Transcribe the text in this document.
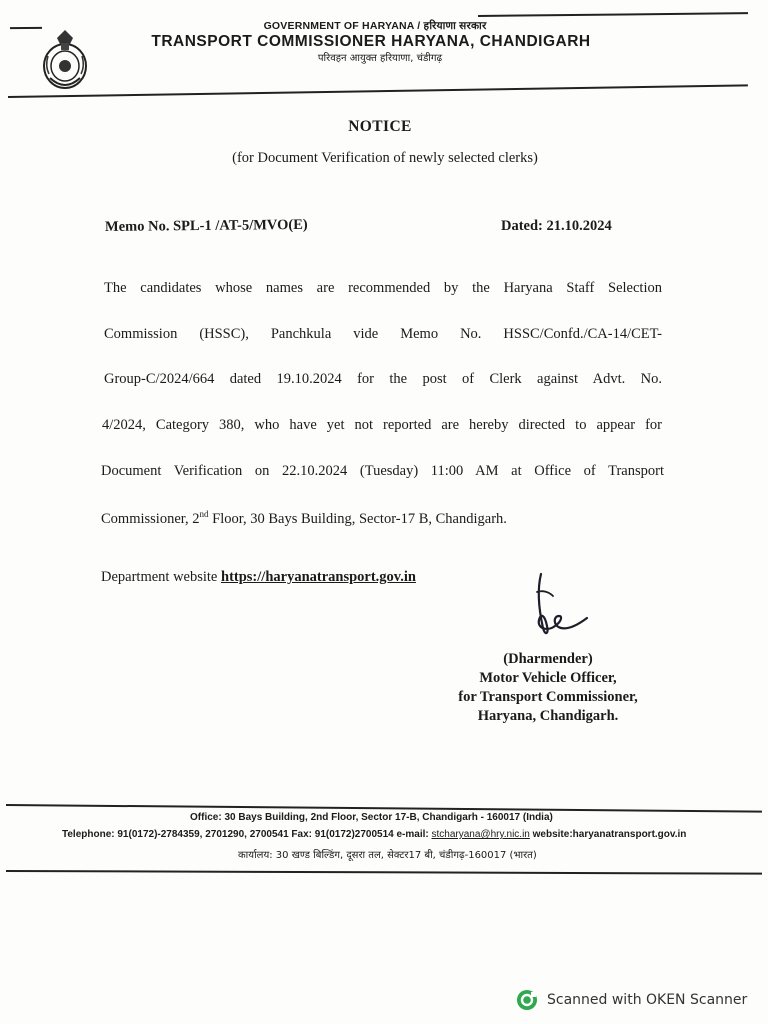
GOVERNMENT OF HARYANA / हरियाणा सरकार
TRANSPORT COMMISSIONER HARYANA, CHANDIGARH
परिवहन आयुक्त हरियाणा, चंडीगढ़
NOTICE
(for Document Verification of newly selected clerks)
Memo No. SPL-1 /AT-5/MVO(E)	Dated: 21.10.2024
The candidates whose names are recommended by the Haryana Staff Selection
Commission (HSSC), Panchkula vide Memo No. HSSC/Confd./CA-14/CET-
Group-C/2024/664 dated 19.10.2024 for the post of Clerk against Advt. No.
4/2024, Category 380, who have yet not reported are hereby directed to appear for
Document Verification on 22.10.2024 (Tuesday) 11:00 AM at Office of Transport
Commissioner, 2nd Floor, 30 Bays Building, Sector-17 B, Chandigarh.
Department website https://haryanatransport.gov.in
(Dharmender)
Motor Vehicle Officer,
for Transport Commissioner,
Haryana, Chandigarh.
Office: 30 Bays Building, 2nd Floor, Sector 17-B, Chandigarh - 160017 (India)
Telephone: 91(0172)-2784359, 2701290, 2700541 Fax: 91(0172)2700514 e-mail: stcharyana@hry.nic.in website:haryanatransport.gov.in
कार्यालय: 30 खण्ड बिल्डिंग, दूसरा तल, सेक्टर17 बी, चंडीगढ़-160017 (भारत)
Scanned with OKEN Scanner
